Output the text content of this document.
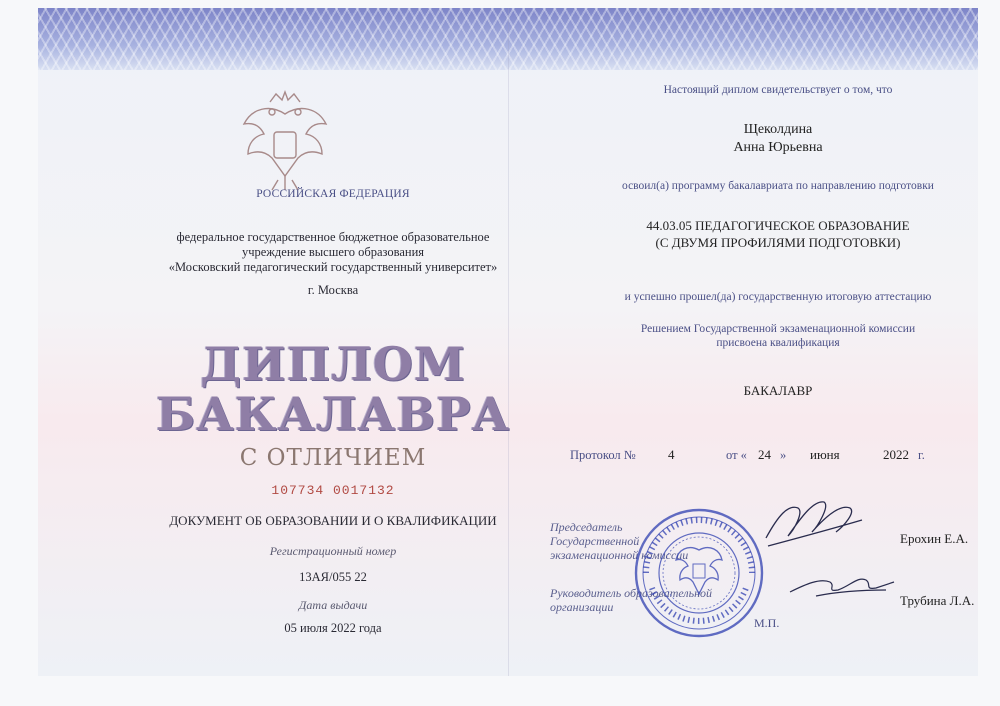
РОССИЙСКАЯ ФЕДЕРАЦИЯ
федеральное государственное бюджетное образовательное
учреждение высшего образования
«Московский педагогический государственный университет»
г. Москва
ДИПЛОМ
БАКАЛАВРА
С ОТЛИЧИЕМ
107734 0017132
ДОКУМЕНТ ОБ ОБРАЗОВАНИИ И О КВАЛИФИКАЦИИ
Регистрационный номер
13АЯ/055 22
Дата выдачи
05 июля 2022 года
Настоящий диплом свидетельствует о том, что
Щеколдина
Анна Юрьевна
освоил(а) программу бакалавриата по направлению подготовки
44.03.05 ПЕДАГОГИЧЕСКОЕ ОБРАЗОВАНИЕ
(С ДВУМЯ ПРОФИЛЯМИ ПОДГОТОВКИ)
и успешно прошел(да) государственную итоговую аттестацию
Решением Государственной экзаменационной комиссии
присвоена квалификация
БАКАЛАВР
Протокол № 4	от « 24 » июня	2022 г.
Председатель
Государственной
экзаменационной комиссии
Ерохин Е.А.
Руководитель образовательной
организации	Трубина Л.А.
М.П.
